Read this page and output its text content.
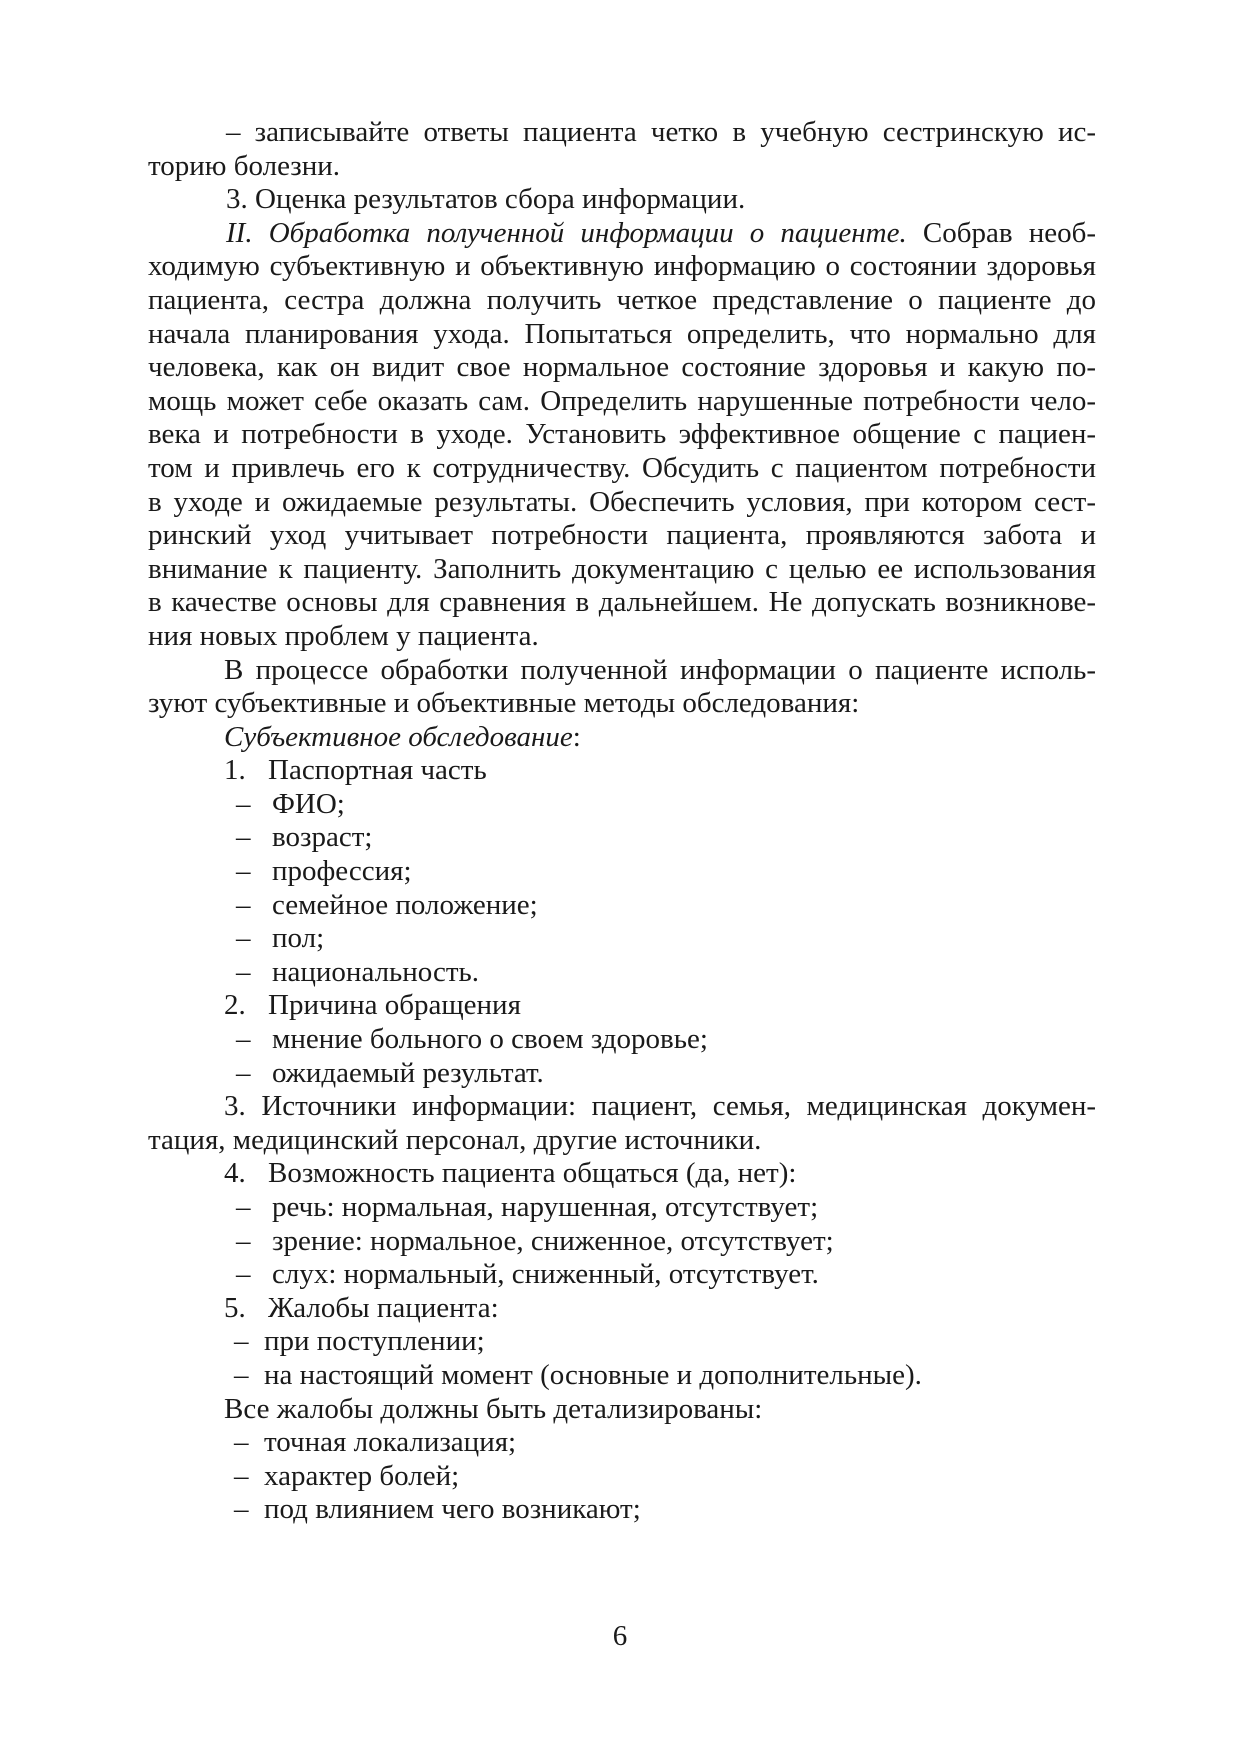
– записывайте ответы пациента четко в учебную сестринскую ис-
торию болезни.
3. Оценка результатов сбора информации.
II. Обработка полученной информации о пациенте. Собрав необ-
ходимую субъективную и объективную информацию о состоянии здоровья
пациента, сестра должна получить четкое представление о пациенте до
начала планирования ухода. Попытаться определить, что нормально для
человека, как он видит свое нормальное состояние здоровья и какую по-
мощь может себе оказать сам. Определить нарушенные потребности чело-
века и потребности в уходе. Установить эффективное общение с пациен-
том и привлечь его к сотрудничеству. Обсудить с пациентом потребности
в уходе и ожидаемые результаты. Обеспечить условия, при котором сест-
ринский уход учитывает потребности пациента, проявляются забота и
внимание к пациенту. Заполнить документацию с целью ее использования
в качестве основы для сравнения в дальнейшем. Не допускать возникнове-
ния новых проблем у пациента.
В процессе обработки полученной информации о пациенте исполь-
зуют субъективные и объективные методы обследования:
Субъективное обследование:
1. Паспортная часть
– ФИО;
– возраст;
– профессия;
– семейное положение;
– пол;
– национальность.
2. Причина обращения
– мнение больного о своем здоровье;
– ожидаемый результат.
3. Источники информации: пациент, семья, медицинская докумен-
тация, медицинский персонал, другие источники.
4. Возможность пациента общаться (да, нет):
– речь: нормальная, нарушенная, отсутствует;
– зрение: нормальное, сниженное, отсутствует;
– слух: нормальный, сниженный, отсутствует.
5. Жалобы пациента:
– при поступлении;
– на настоящий момент (основные и дополнительные).
Все жалобы должны быть детализированы:
– точная локализация;
– характер болей;
– под влиянием чего возникают;
6
